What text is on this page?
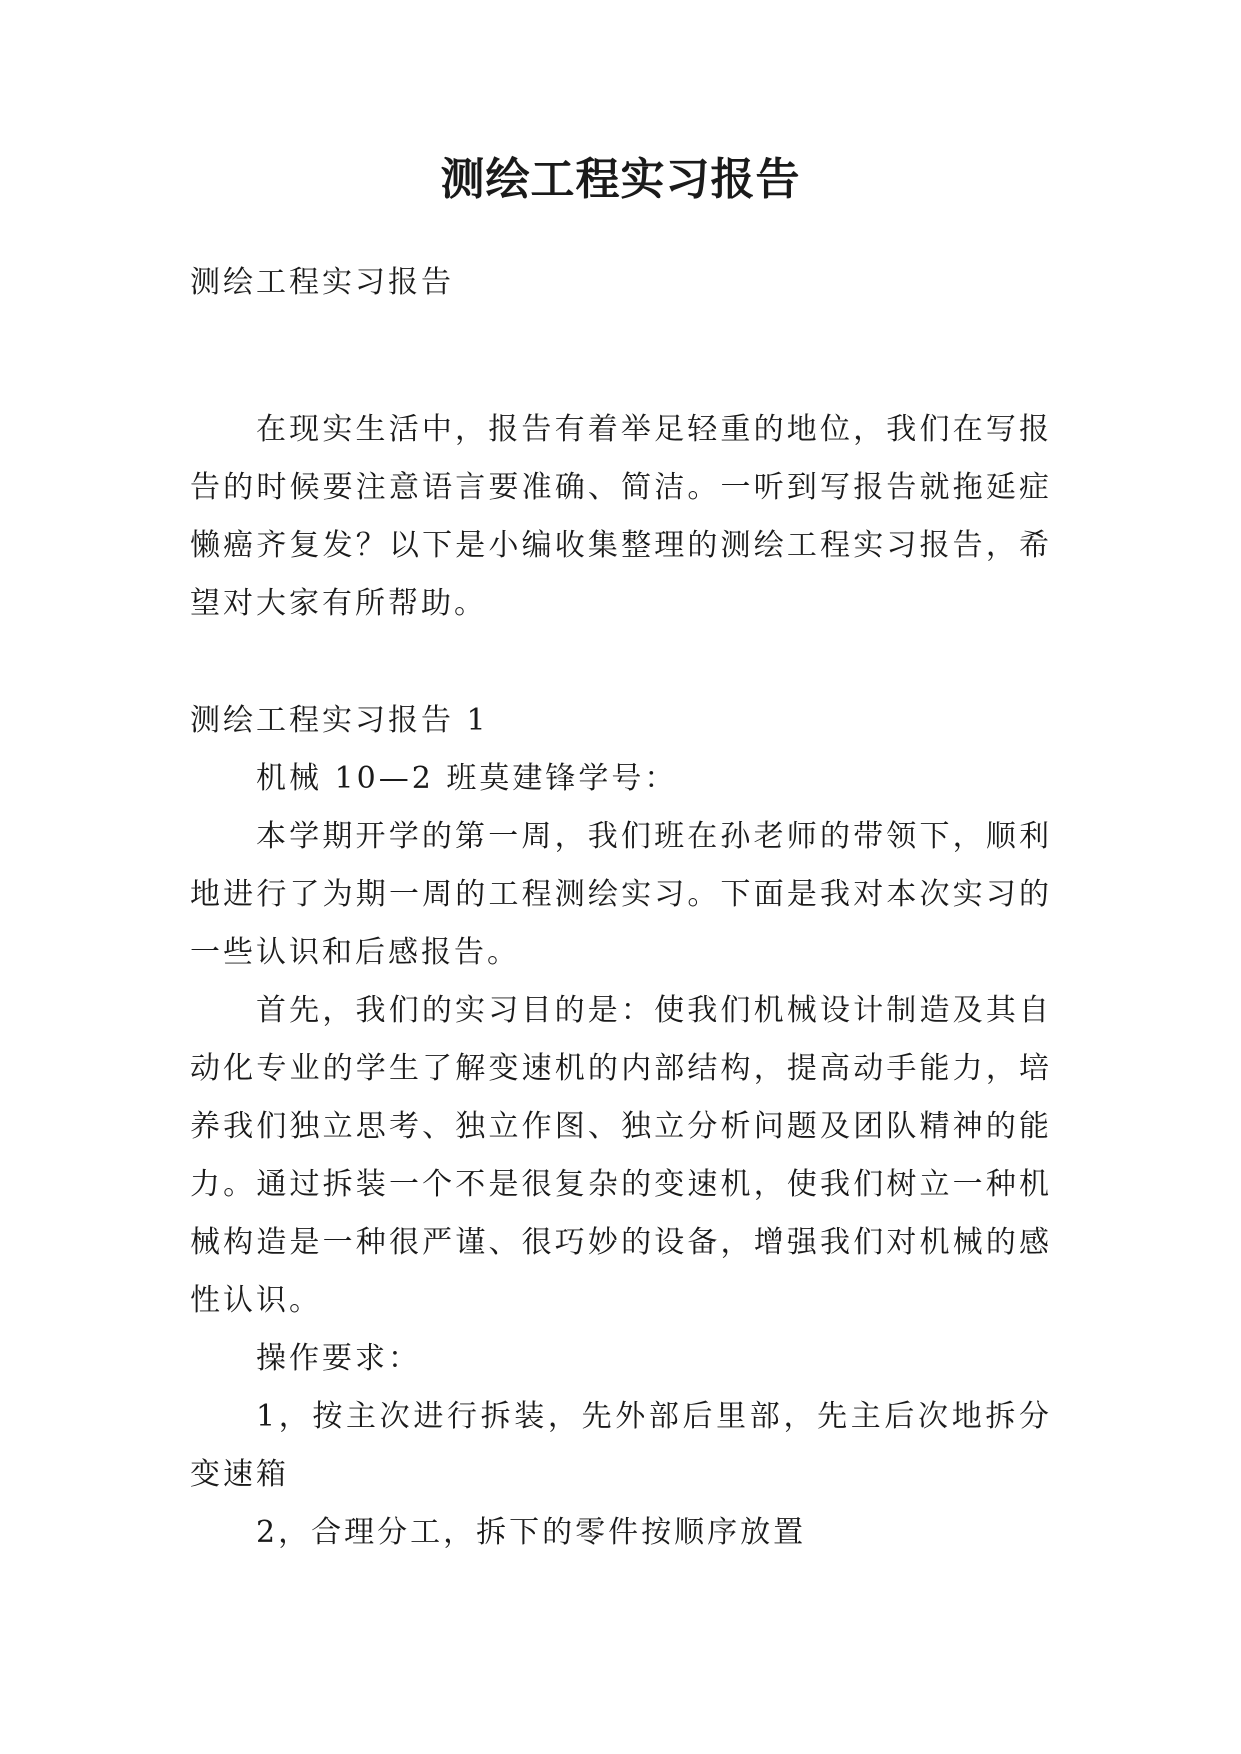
测绘工程实习报告

测绘工程实习报告

在现实生活中，报告有着举足轻重的地位，我们在写报告的时候要注意语言要准确、简洁。一听到写报告就拖延症懒癌齐复发？以下是小编收集整理的测绘工程实习报告，希望对大家有所帮助。

测绘工程实习报告 1

机械 10—2 班莫建锋学号：

本学期开学的第一周，我们班在孙老师的带领下，顺利地进行了为期一周的工程测绘实习。下面是我对本次实习的一些认识和后感报告。

首先，我们的实习目的是：使我们机械设计制造及其自动化专业的学生了解变速机的内部结构，提高动手能力，培养我们独立思考、独立作图、独立分析问题及团队精神的能力。通过拆装一个不是很复杂的变速机，使我们树立一种机械构造是一种很严谨、很巧妙的设备，增强我们对机械的感性认识。

操作要求：

1，按主次进行拆装，先外部后里部，先主后次地拆分变速箱

2，合理分工，拆下的零件按顺序放置
